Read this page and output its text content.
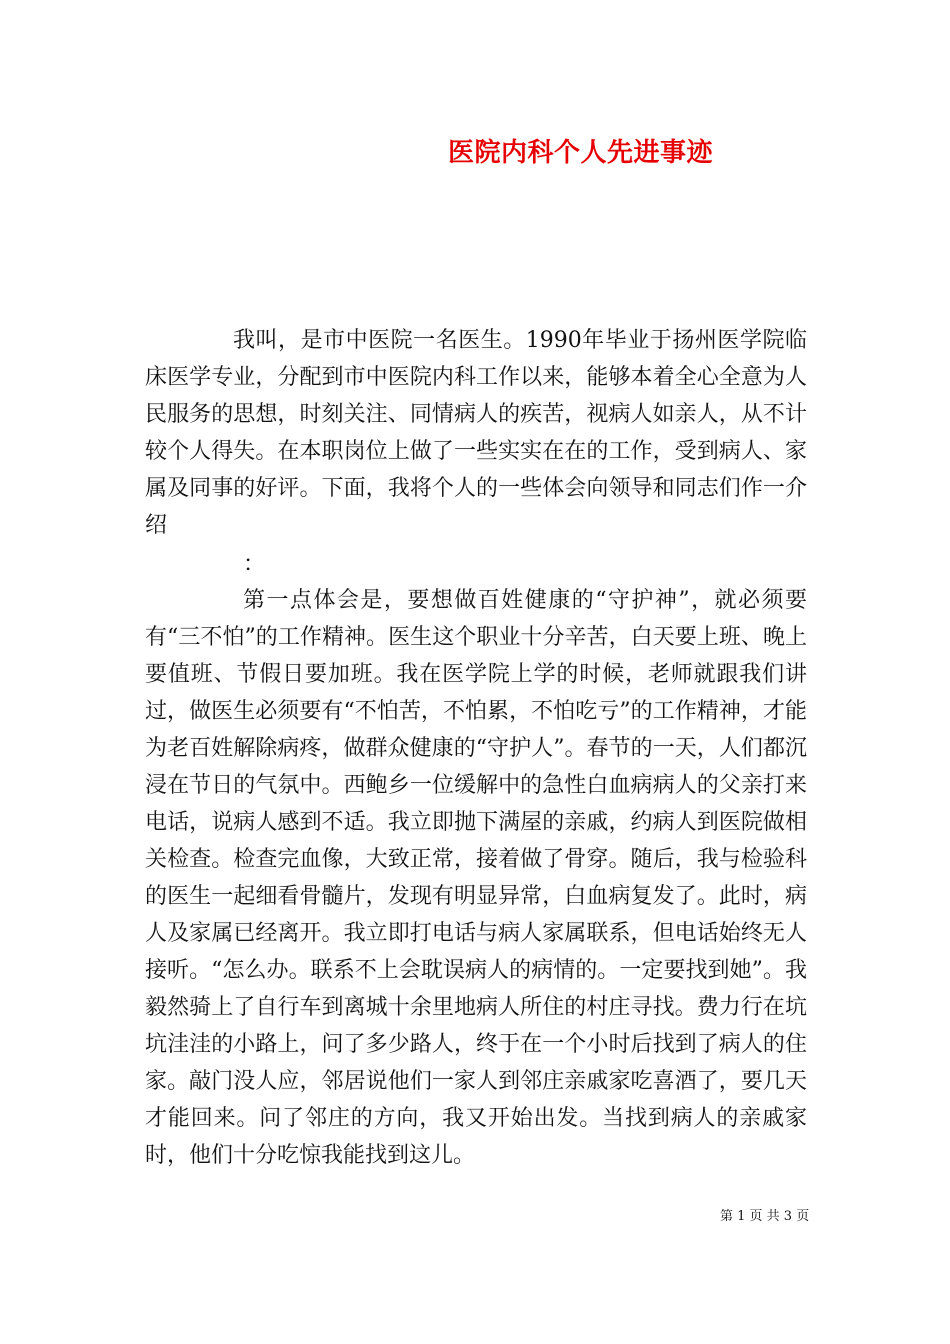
医院内科个人先进事迹

我叫，是市中医院一名医生。1990年毕业于扬州医学院临床医学专业，分配到市中医院内科工作以来，能够本着全心全意为人民服务的思想，时刻关注、同情病人的疾苦，视病人如亲人，从不计较个人得失。在本职岗位上做了一些实实在在的工作，受到病人、家属及同事的好评。下面，我将个人的一些体会向领导和同志们作一介绍

：

第一点体会是，要想做百姓健康的“守护神”，就必须要有“三不怕”的工作精神。医生这个职业十分辛苦，白天要上班、晚上要值班、节假日要加班。我在医学院上学的时候，老师就跟我们讲过，做医生必须要有“不怕苦，不怕累，不怕吃亏”的工作精神，才能为老百姓解除病疼，做群众健康的“守护人”。春节的一天，人们都沉浸在节日的气氛中。西鲍乡一位缓解中的急性白血病病人的父亲打来电话，说病人感到不适。我立即抛下满屋的亲戚，约病人到医院做相关检查。检查完血像，大致正常，接着做了骨穿。随后，我与检验科的医生一起细看骨髓片，发现有明显异常，白血病复发了。此时，病人及家属已经离开。我立即打电话与病人家属联系，但电话始终无人接听。“怎么办。联系不上会耽误病人的病情的。一定要找到她”。我毅然骑上了自行车到离城十余里地病人所住的村庄寻找。费力行在坑坑洼洼的小路上，问了多少路人，终于在一个小时后找到了病人的住家。敲门没人应，邻居说他们一家人到邻庄亲戚家吃喜酒了，要几天才能回来。问了邻庄的方向，我又开始出发。当找到病人的亲戚家时，他们十分吃惊我能找到这儿。

第 1 页 共 3 页
